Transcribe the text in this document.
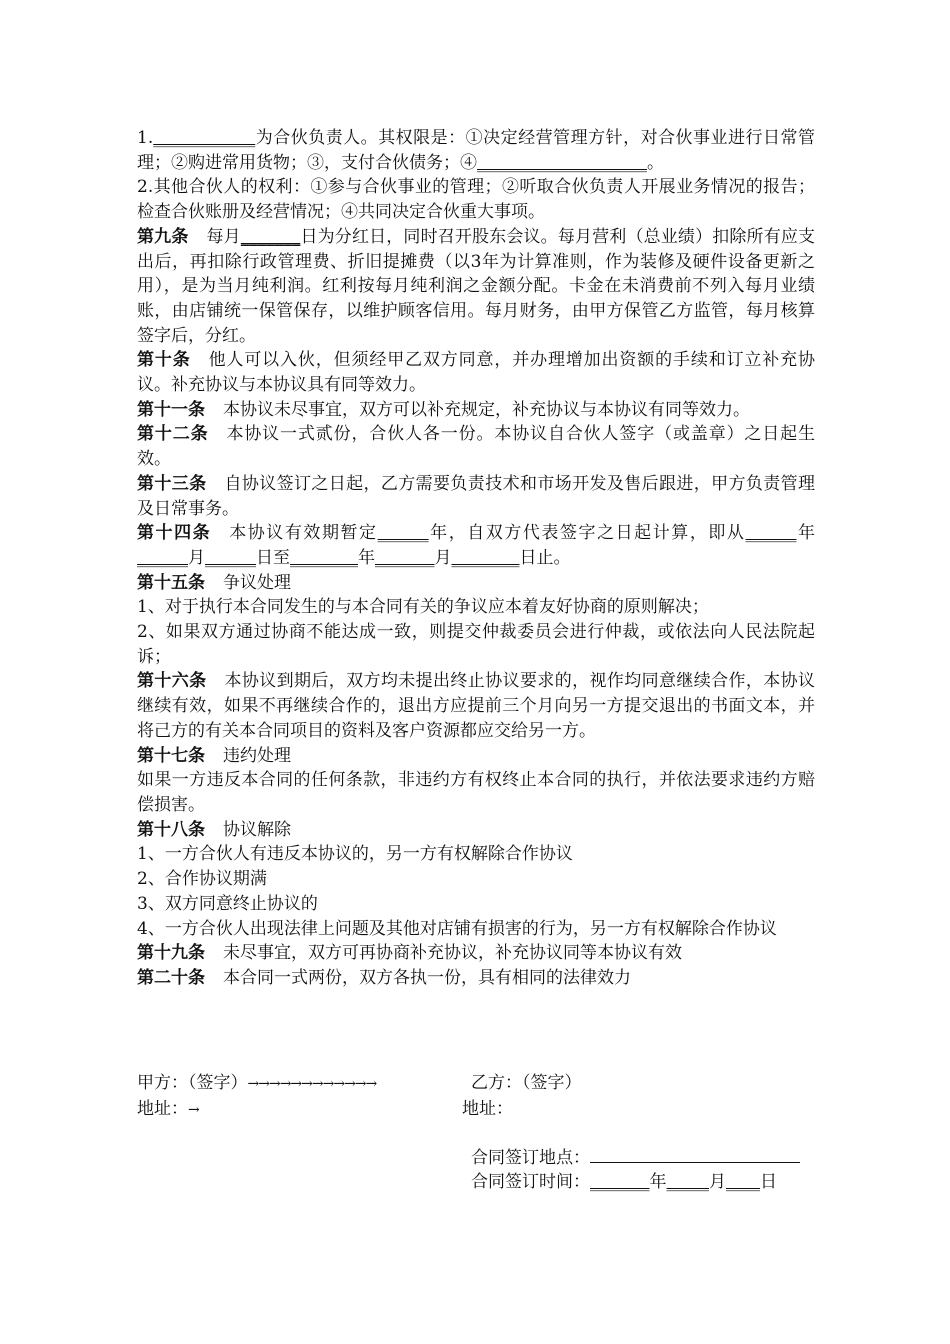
1.____________为合伙负责人。其权限是：①决定经营管理方针，对合伙事业进行日常管理；②购进常用货物；③，支付合伙债务；④____________________。

2.其他合伙人的权利：①参与合伙事业的管理；②听取合伙负责人开展业务情况的报告；检查合伙账册及经营情况；④共同决定合伙重大事项。

第九条 每月_______日为分红日，同时召开股东会议。每月营利（总业绩）扣除所有应支出后，再扣除行政管理费、折旧提摊费（以3年为计算准则，作为装修及硬件设备更新之用），是为当月纯利润。红利按每月纯利润之金额分配。卡金在未消费前不列入每月业绩账，由店铺统一保管保存，以维护顾客信用。每月财务，由甲方保管乙方监管，每月核算签字后，分红。

第十条 他人可以入伙，但须经甲乙双方同意，并办理增加出资额的手续和订立补充协议。补充协议与本协议具有同等效力。

第十一条 本协议未尽事宜，双方可以补充规定，补充协议与本协议有同等效力。

第十二条 本协议一式贰份，合伙人各一份。本协议自合伙人签字（或盖章）之日起生效。

第十三条 自协议签订之日起，乙方需要负责技术和市场开发及售后跟进，甲方负责管理及日常事务。

第十四条 本协议有效期暂定______年，自双方代表签字之日起计算，即从______年______月______日至________年_______月________日止。

第十五条 争议处理

1、对于执行本合同发生的与本合同有关的争议应本着友好协商的原则解决；

2、如果双方通过协商不能达成一致，则提交仲裁委员会进行仲裁，或依法向人民法院起诉；

第十六条 本协议到期后，双方均未提出终止协议要求的，视作均同意继续合作，本协议继续有效，如果不再继续合作的，退出方应提前三个月向另一方提交退出的书面文本，并将己方的有关本合同项目的资料及客户资源都应交给另一方。

第十七条 违约处理

如果一方违反本合同的任何条款，非违约方有权终止本合同的执行，并依法要求违约方赔偿损害。

第十八条 协议解除

1、一方合伙人有违反本协议的，另一方有权解除合作协议

2、合作协议期满

3、双方同意终止协议的

4、一方合伙人出现法律上问题及其他对店铺有损害的行为，另一方有权解除合作协议

第十九条 未尽事宜，双方可再协商补充协议，补充协议同等本协议有效

第二十条 本合同一式两份，双方各执一份，具有相同的法律效力

甲方：（签字）→→→→→→→→→→→→	乙方：（签字）
地址：→	地址：
合同签订地点：
合同签订时间：_______年_____月____日
